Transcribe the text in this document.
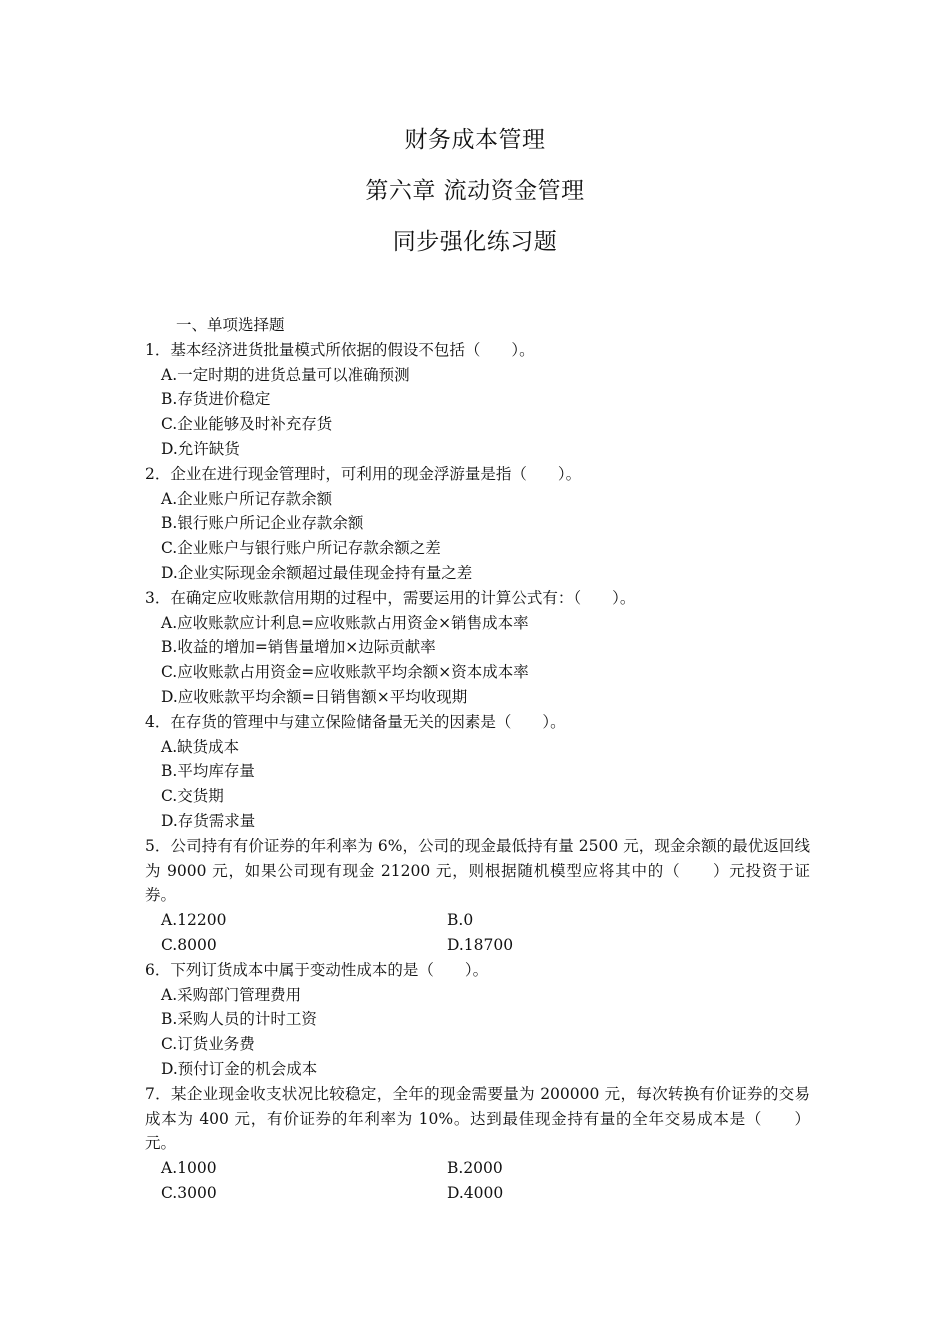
财务成本管理
第六章 流动资金管理
同步强化练习题
一、单项选择题
1．基本经济进货批量模式所依据的假设不包括（　　）。
A.一定时期的进货总量可以准确预测
B.存货进价稳定
C.企业能够及时补充存货
D.允许缺货
2．企业在进行现金管理时，可利用的现金浮游量是指（　　）。
A.企业账户所记存款余额
B.银行账户所记企业存款余额
C.企业账户与银行账户所记存款余额之差
D.企业实际现金余额超过最佳现金持有量之差
3．在确定应收账款信用期的过程中，需要运用的计算公式有：（　　）。
A.应收账款应计利息=应收账款占用资金×销售成本率
B.收益的增加=销售量增加×边际贡献率
C.应收账款占用资金=应收账款平均余额×资本成本率
D.应收账款平均余额=日销售额×平均收现期
4．在存货的管理中与建立保险储备量无关的因素是（　　）。
A.缺货成本
B.平均库存量
C.交货期
D.存货需求量
5．公司持有有价证券的年利率为 6%，公司的现金最低持有量 2500 元，现金余额的最优返回线为 9000 元，如果公司现有现金 21200 元，则根据随机模型应将其中的（　　）元投资于证券。
A.12200	B.0
C.8000	D.18700
6．下列订货成本中属于变动性成本的是（　　）。
A.采购部门管理费用
B.采购人员的计时工资
C.订货业务费
D.预付订金的机会成本
7．某企业现金收支状况比较稳定，全年的现金需要量为 200000 元，每次转换有价证券的交易成本为 400 元，有价证券的年利率为 10%。达到最佳现金持有量的全年交易成本是（　　）元。
A.1000	B.2000
C.3000	D.4000
